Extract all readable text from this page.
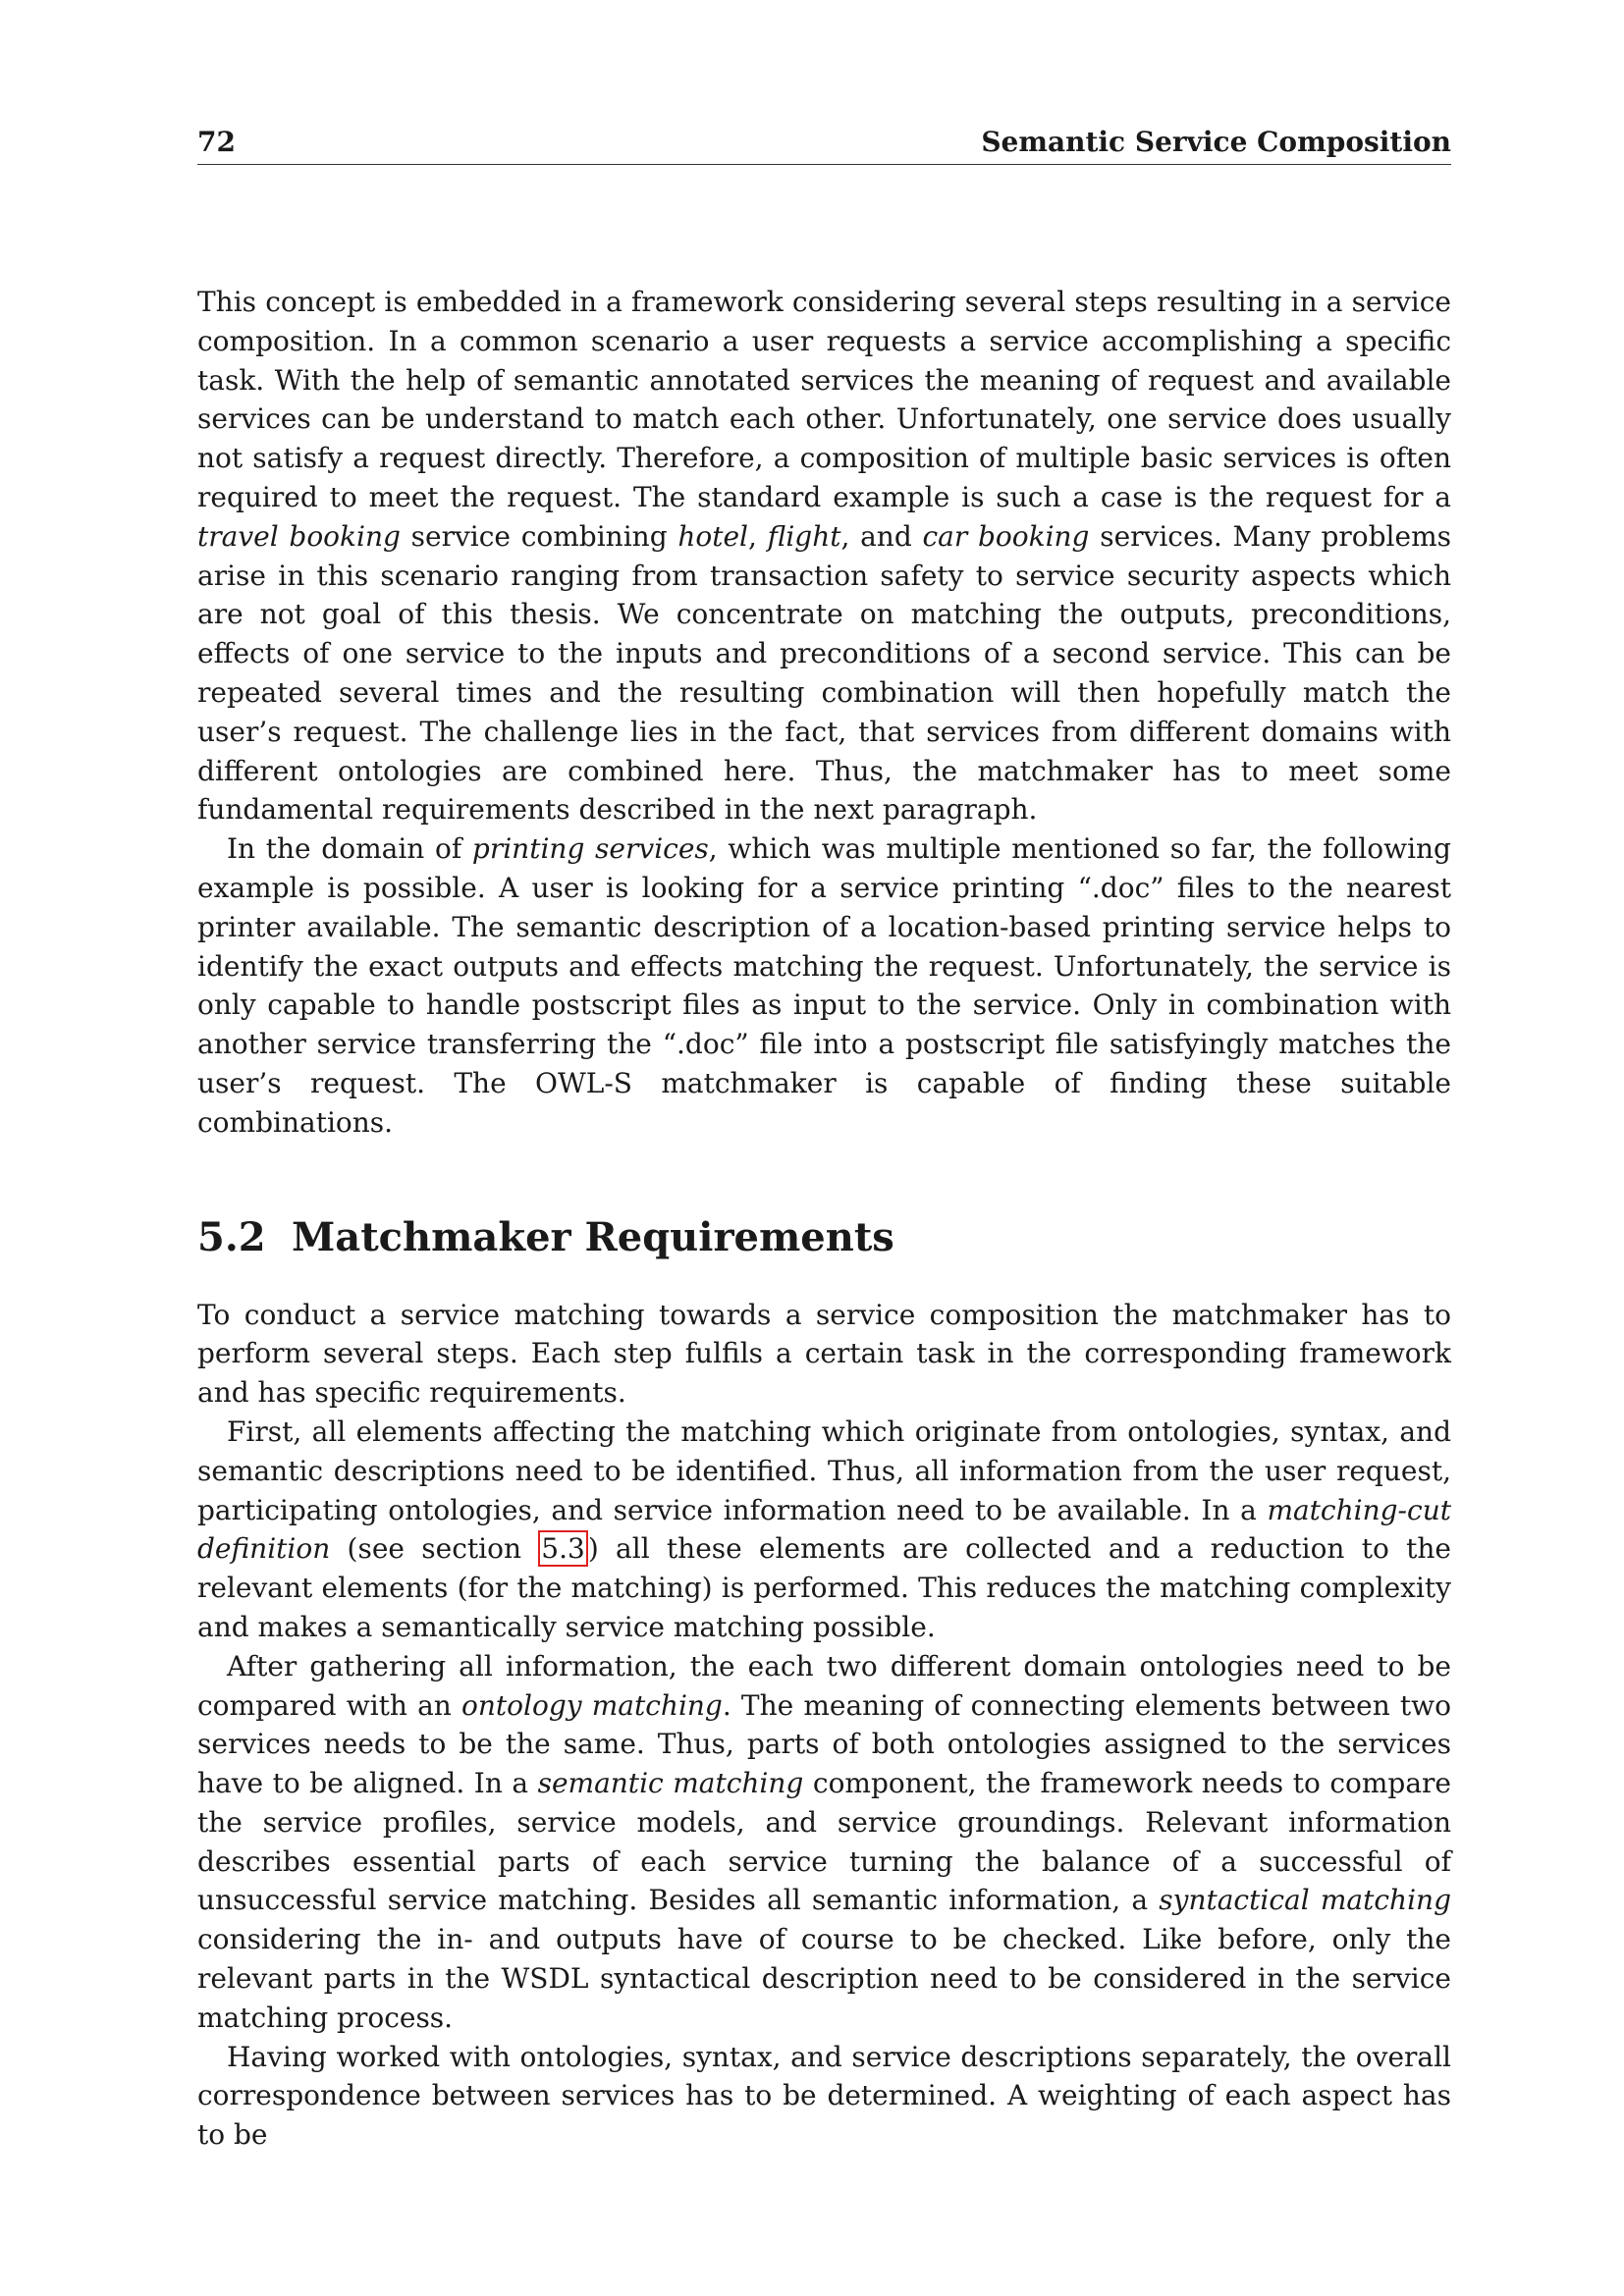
72	Semantic Service Composition

This concept is embedded in a framework considering several steps resulting in a service composition. In a common scenario a user requests a service accomplishing a specific task. With the help of semantic annotated services the meaning of request and available services can be understand to match each other. Unfortunately, one service does usually not satisfy a request directly. Therefore, a composition of multiple basic services is often required to meet the request. The standard example is such a case is the request for a travel booking service combining hotel, flight, and car booking services. Many problems arise in this scenario ranging from transaction safety to service security aspects which are not goal of this thesis. We concentrate on matching the outputs, preconditions, effects of one service to the inputs and preconditions of a second service. This can be repeated several times and the resulting combination will then hopefully match the user’s request. The challenge lies in the fact, that services from different domains with different ontologies are combined here. Thus, the matchmaker has to meet some fundamental requirements described in the next paragraph.

In the domain of printing services, which was multiple mentioned so far, the following example is possible. A user is looking for a service printing “.doc” files to the nearest printer available. The semantic description of a location-based printing service helps to identify the exact outputs and effects matching the request. Unfortunately, the service is only capable to handle postscript files as input to the service. Only in combination with another service transferring the “.doc” file into a postscript file satisfyingly matches the user’s request. The OWL-S matchmaker is capable of finding these suitable combinations.

5.2 Matchmaker Requirements

To conduct a service matching towards a service composition the matchmaker has to perform several steps. Each step fulfils a certain task in the corresponding framework and has specific requirements.

First, all elements affecting the matching which originate from ontologies, syntax, and semantic descriptions need to be identified. Thus, all information from the user request, participating ontologies, and service information need to be available. In a matching-cut definition (see section 5.3 ) all these elements are collected and a reduction to the relevant elements (for the matching) is performed. This reduces the matching complexity and makes a semantically service matching possible.

After gathering all information, the each two different domain ontologies need to be compared with an ontology matching. The meaning of connecting elements between two services needs to be the same. Thus, parts of both ontologies assigned to the services have to be aligned. In a semantic matching component, the framework needs to compare the service profiles, service models, and service groundings. Relevant information describes essential parts of each service turning the balance of a successful of unsuccessful service matching. Besides all semantic information, a syntactical matching considering the in- and outputs have of course to be checked. Like before, only the relevant parts in the WSDL syntactical description need to be considered in the service matching process.

Having worked with ontologies, syntax, and service descriptions separately, the overall correspondence between services has to be determined. A weighting of each aspect has to be
